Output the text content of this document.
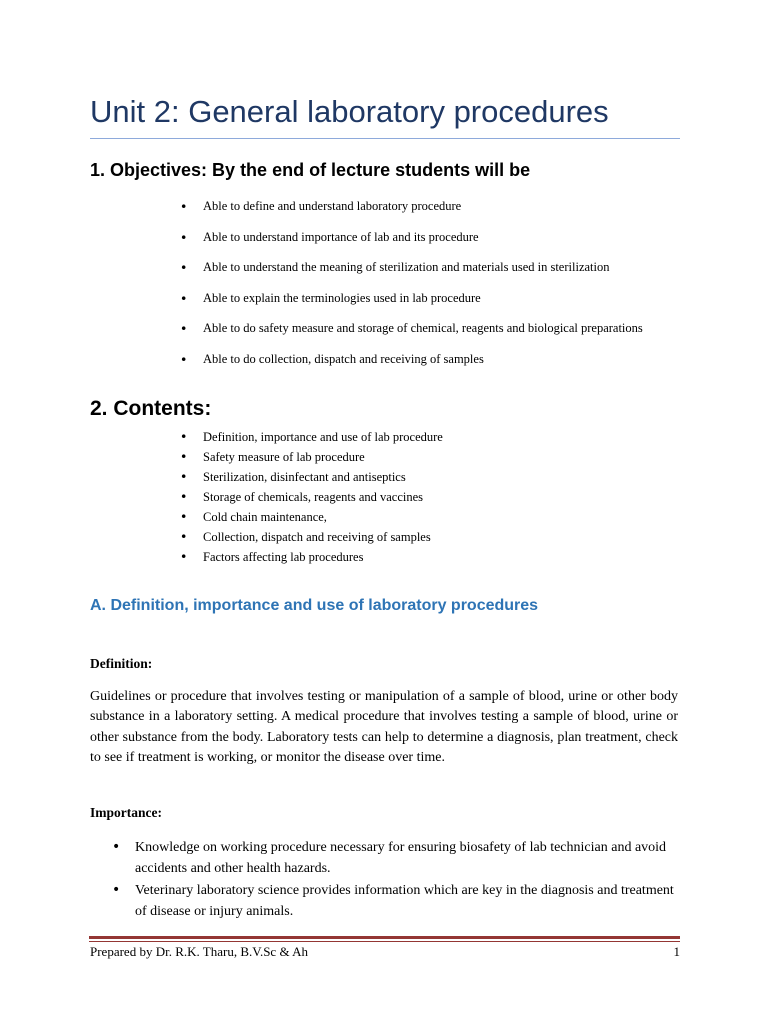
Unit 2: General laboratory procedures
1. Objectives: By the end of lecture students will be
• Able to define and understand laboratory procedure
• Able to understand importance of lab and its procedure
• Able to understand the meaning of sterilization and materials used in sterilization
• Able to explain the terminologies used in lab procedure
• Able to do safety measure and storage of chemical, reagents and biological preparations
• Able to do collection, dispatch and receiving of samples
2. Contents:
• Definition, importance and use of lab procedure
• Safety measure of lab procedure
• Sterilization, disinfectant and antiseptics
• Storage of chemicals, reagents and vaccines
• Cold chain maintenance,
• Collection, dispatch and receiving of samples
• Factors affecting lab procedures
A. Definition, importance and use of laboratory procedures

Definition:

Guidelines or procedure that involves testing or manipulation of a sample of blood, urine or other body substance in a laboratory setting. A medical procedure that involves testing a sample of blood, urine or other substance from the body. Laboratory tests can help to determine a diagnosis, plan treatment, check to see if treatment is working, or monitor the disease over time.

Importance:

• Knowledge on working procedure necessary for ensuring biosafety of lab technician and avoid accidents and other health hazards.
• Veterinary laboratory science provides information which are key in the diagnosis and treatment of disease or injury animals.

Prepared by Dr. R.K. Tharu, B.V.Sc & Ah	1
